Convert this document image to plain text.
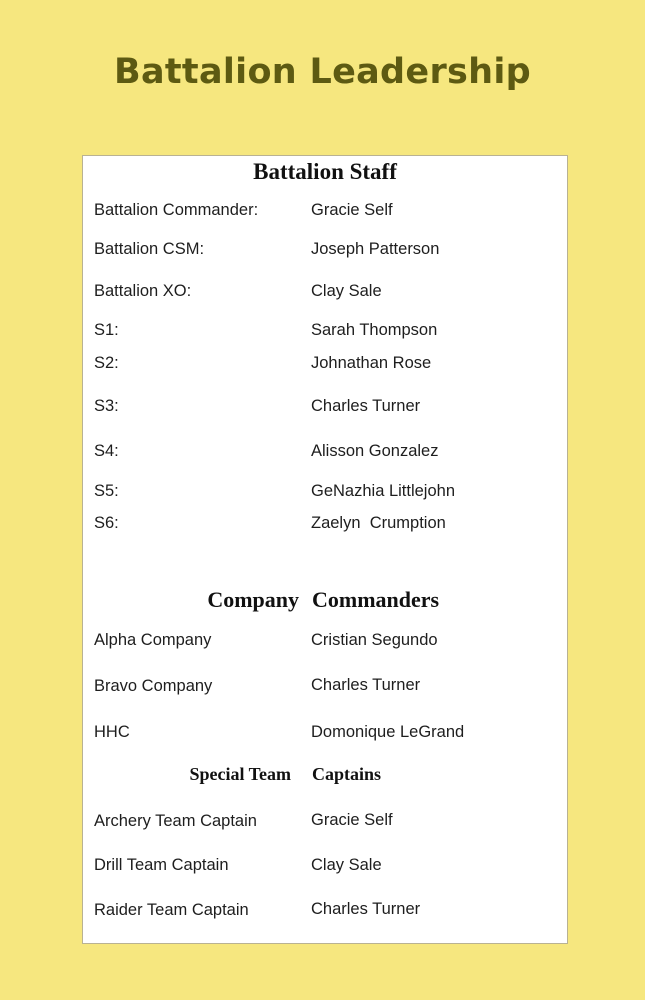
Battalion Leadership
Battalion Staff
Battalion Commander:	Gracie Self
Battalion CSM:	Joseph Patterson
Battalion XO:	Clay Sale
S1:	Sarah Thompson
S2:	Johnathan Rose
S3:	Charles Turner
S4:	Alisson Gonzalez
S5:	GeNazhia Littlejohn
S6:	Zaelyn  Crumption
Company Commanders
Alpha Company	Cristian Segundo
Bravo Company	Charles Turner
HHC	Domonique LeGrand
Special Team Captains
Archery Team Captain	Gracie Self
Drill Team Captain	Clay Sale
Raider Team Captain	Charles Turner
